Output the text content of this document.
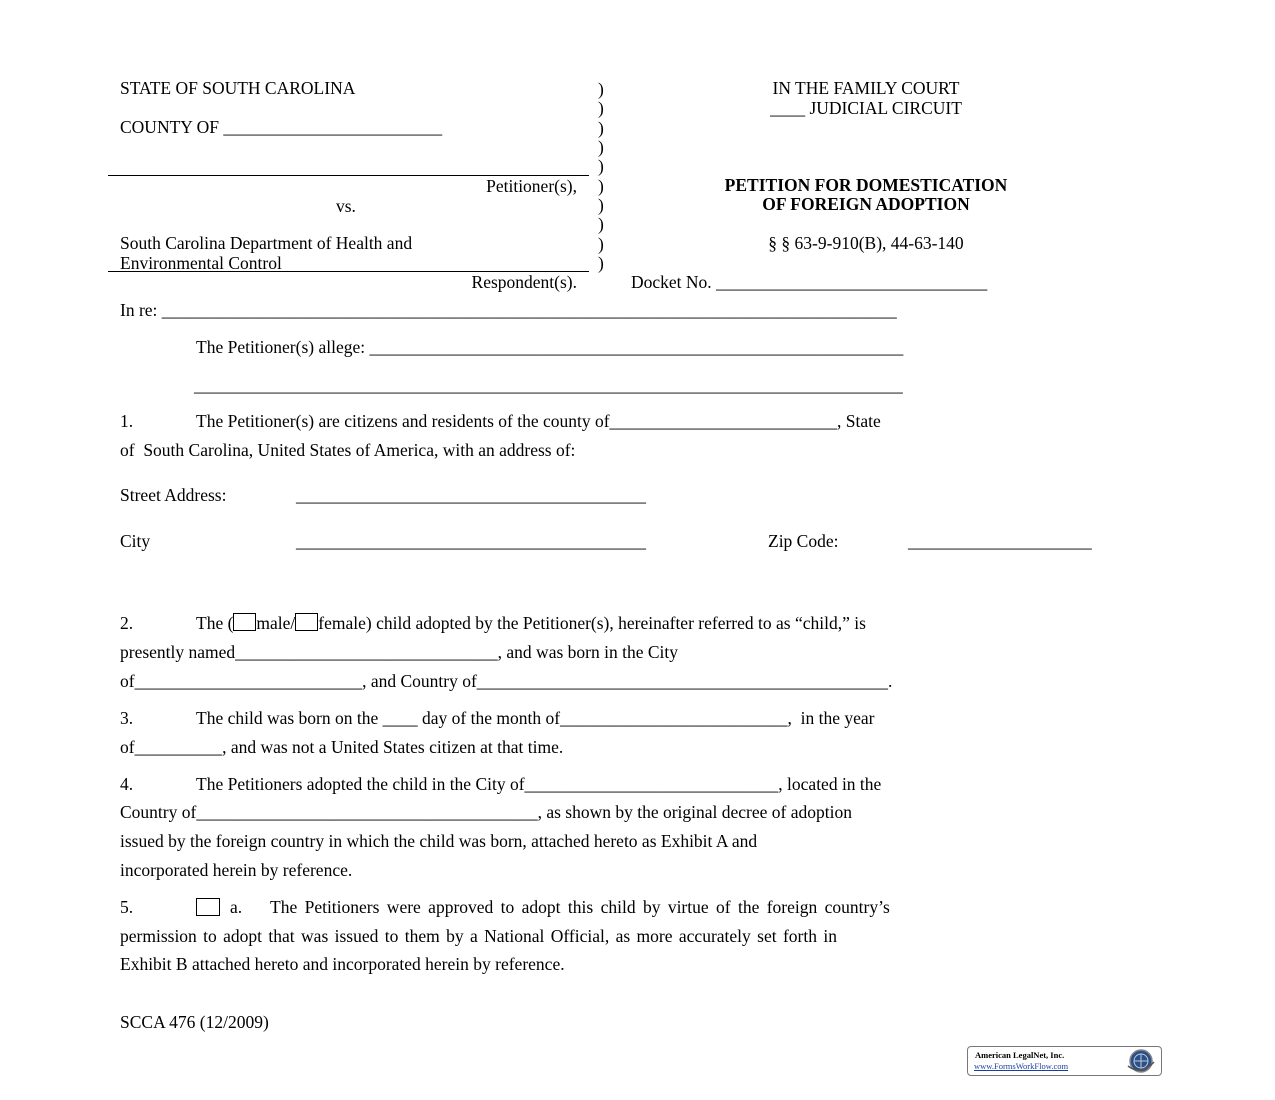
STATE OF SOUTH CAROLINA
COUNTY OF _________________________
Petitioner(s),
vs.
South Carolina Department of Health and
Environmental Control
Respondent(s).
)
)
)
)
)
)
)
)
)
)
IN THE FAMILY COURT
____ JUDICIAL CIRCUIT
PETITION FOR DOMESTICATION
OF FOREIGN ADOPTION
§ § 63-9-910(B), 44-63-140
Docket No. _______________________________
In re: ____________________________________________________________________________________
The Petitioner(s) allege: _____________________________________________________________
_________________________________________________________________________________
1.	The Petitioner(s) are citizens and residents of the county of__________________________, State
of  South Carolina, United States of America, with an address of:
Street Address:	________________________________________
City	________________________________________	Zip Code:	_____________________
2.	The ( male/ female) child adopted by the Petitioner(s), hereinafter referred to as “child,” is
presently named______________________________, and was born in the City
of__________________________, and Country of_______________________________________________.
3.	The child was born on the ____ day of the month of__________________________,  in the year
of__________, and was not a United States citizen at that time.
4.	The Petitioners adopted the child in the City of_____________________________, located in the
Country of_______________________________________, as shown by the original decree of adoption
issued by the foreign country in which the child was born, attached hereto as Exhibit A and
incorporated herein by reference.
5.	a. The Petitioners were approved to adopt this child by virtue of the foreign country’s
permission to adopt that was issued to them by a National Official, as more accurately set forth in
Exhibit B attached hereto and incorporated herein by reference.
SCCA 476 (12/2009)
American LegalNet, Inc.
www.FormsWorkFlow.com
